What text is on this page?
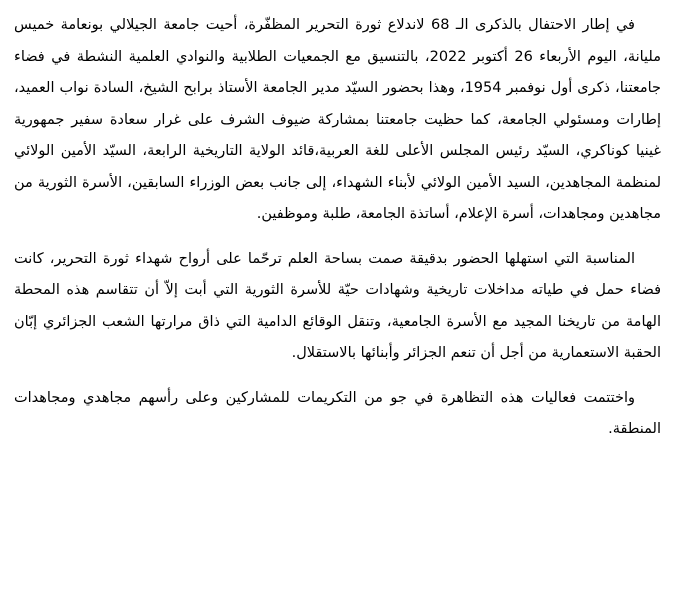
في إطار الاحتفال بالذكرى الـ 68 لاندلاع ثورة التحرير المظفّرة، أحيت جامعة الجيلالي بونعامة خميس مليانة، اليوم الأربعاء 26 أكتوبر 2022، بالتنسيق مع الجمعيات الطلابية والنوادي العلمية النشطة في فضاء جامعتنا، ذكرى أول نوفمبر 1954، وهذا بحضور السيّد مدير الجامعة الأستاذ برابح الشيخ، السادة نواب العميد، إطارات ومسئولي الجامعة، كما حظيت جامعتنا بمشاركة ضيوف الشرف على غرار سعادة سفير جمهورية غينيا كوناكري، السيّد رئيس المجلس الأعلى للغة العربية،قائد الولاية التاريخية الرابعة، السيّد الأمين الولائي لمنظمة المجاهدين، السيد الأمين الولائي لأبناء الشهداء، إلى جانب بعض الوزراء السابقين، الأسرة الثورية من مجاهدين ومجاهدات، أسرة الإعلام، أساتذة الجامعة، طلبة وموظفين.

المناسبة التي استهلها الحضور بدقيقة صمت بساحة العلم ترحّما على أرواح شهداء ثورة التحرير، كانت فضاء حمل في طياته مداخلات تاريخية وشهادات حيّة للأسرة الثورية التي أبت إلاّ أن تتقاسم هذه المحطة الهامة من تاريخنا المجيد مع الأسرة الجامعية، وتنقل الوقائع الدامية التي ذاق مرارتها الشعب الجزائري إبّان الحقبة الاستعمارية من أجل أن تنعم الجزائر وأبنائها بالاستقلال.

واختتمت فعاليات هذه التظاهرة في جو من التكريمات للمشاركين وعلى رأسهم مجاهدي ومجاهدات المنطقة.
